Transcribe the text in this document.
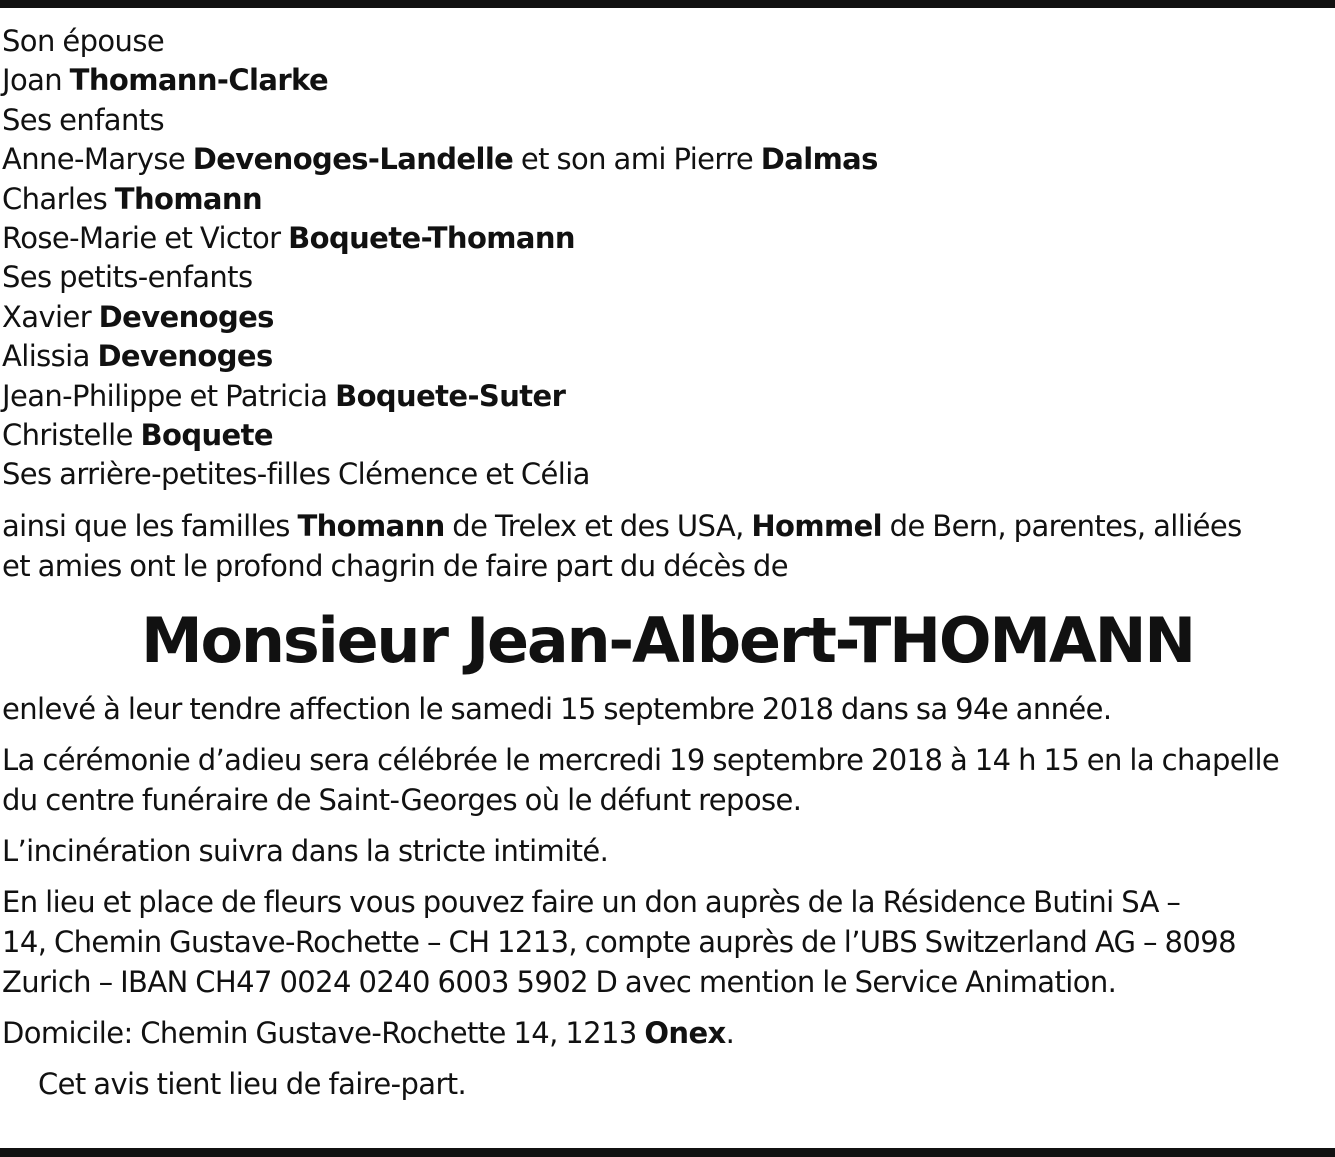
Son épouse
Joan Thomann-Clarke
Ses enfants
Anne-Maryse Devenoges-Landelle et son ami Pierre Dalmas
Charles Thomann
Rose-Marie et Victor Boquete-Thomann
Ses petits-enfants
Xavier Devenoges
Alissia Devenoges
Jean-Philippe et Patricia Boquete-Suter
Christelle Boquete
Ses arrière-petites-filles Clémence et Célia
ainsi que les familles Thomann de Trelex et des USA, Hommel de Bern, parentes, alliées
et amies ont le profond chagrin de faire part du décès de
Monsieur Jean-Albert-THOMANN
enlevé à leur tendre affection le samedi 15 septembre 2018 dans sa 94e année.
La cérémonie d’adieu sera célébrée le mercredi 19 septembre 2018 à 14 h 15 en la chapelle
du centre funéraire de Saint-Georges où le défunt repose.
L’incinération suivra dans la stricte intimité.
En lieu et place de fleurs vous pouvez faire un don auprès de la Résidence Butini SA –
14, Chemin Gustave-Rochette – CH 1213, compte auprès de l’UBS Switzerland AG – 8098
Zurich – IBAN CH47 0024 0240 6003 5902 D avec mention le Service Animation.
Domicile: Chemin Gustave-Rochette 14, 1213 Onex.
Cet avis tient lieu de faire-part.
